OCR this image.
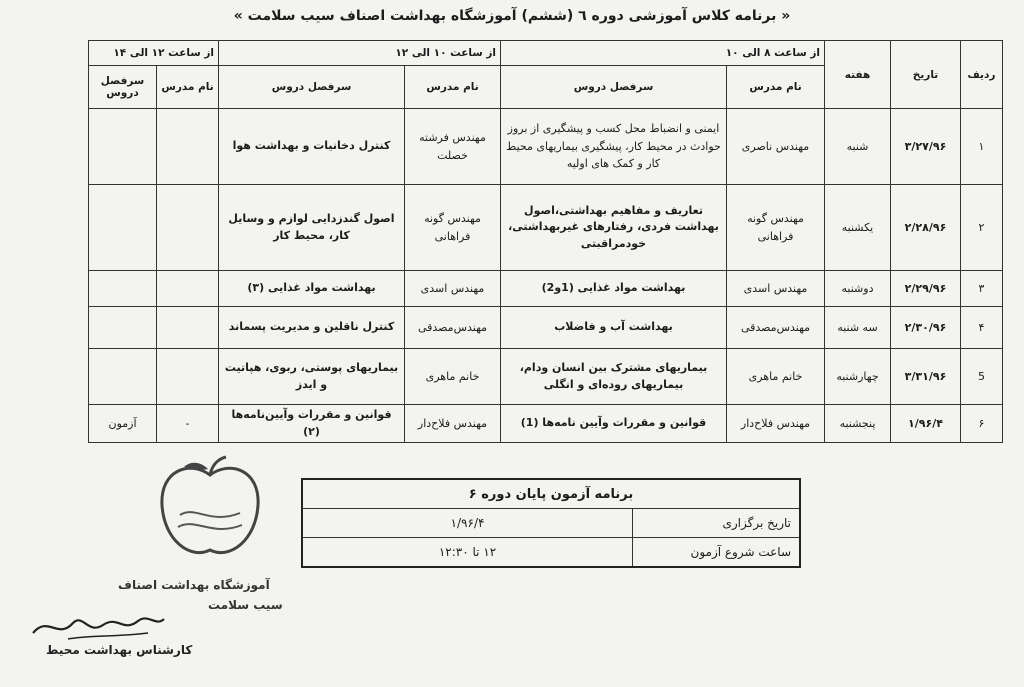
« برنامه کلاس آموزشی دوره ٦ (ششم) آموزشگاه بهداشت اصناف سیب سلامت »
ردیف	تاریخ	هفته	از ساعت ۸ الی ۱۰		از ساعت ۱۰ الی ۱۲		از ساعت ۱۲ الی ۱۴	
			نام مدرس	سرفصل دروس	نام مدرس	سرفصل دروس	نام مدرس	سرفصل دروس
١	٩۶/٣/٢٧	شنبه	مهندس ناصری	ایمنی و انضباط محل کسب و پیشگیری از بروز حوادث در محیط کار، پیشگیری بیماریهای محیط کار و کمک های اولیه	مهندس فرشته خصلت	کنترل دخانیات و بهداشت هوا		
٢	٩۶/٢/٢٨	یکشنبه	مهندس گونه فراهانی	تعاریف و مفاهیم بهداشتی،اصول بهداشت فردی، رفتارهای غیربهداشتی، خودمراقبتی	مهندس گونه فراهانی	اصول گندزدایی لوازم و وسایل کار، محیط کار		
٣	٩۶/٢/٢٩	دوشنبه	مهندس اسدی	بهداشت مواد غذایی (1و2)	مهندس اسدی	بهداشت مواد غذایی (٣)		
۴	٩۶/٢/٣٠	سه شنبه	مهندس‌مصدقی	بهداشت آب و فاضلاب	مهندس‌مصدقی	کنترل ناقلین و مدیریت پسماند		
5	٩۶/٣/٣١	چهارشنبه	خانم ماهری	بیماریهای مشترک بین انسان ودام، بیماریهای روده‌ای و انگلی	خانم ماهری	بیماریهای پوستی، ربوی، هپاتیت و ایدز		
۶	٩۶/۴/١	پنجشنبه	مهندس فلاح‌دار	قوانین و مقررات وآیین نامه‌ها (1)	مهندس فلاح‌دار	قوانین و مقررات وآیین‌نامه‌ها (٢)	-	آزمون
برنامه آزمون پایان دوره ۶	
تاریخ برگزاری	٩۶/۴/١
ساعت شروع آزمون	١٢ تا ١٢:٣٠
آموزشگاه بهداشت اصناف
سیب سلامت
کارشناس بهداشت محیط
